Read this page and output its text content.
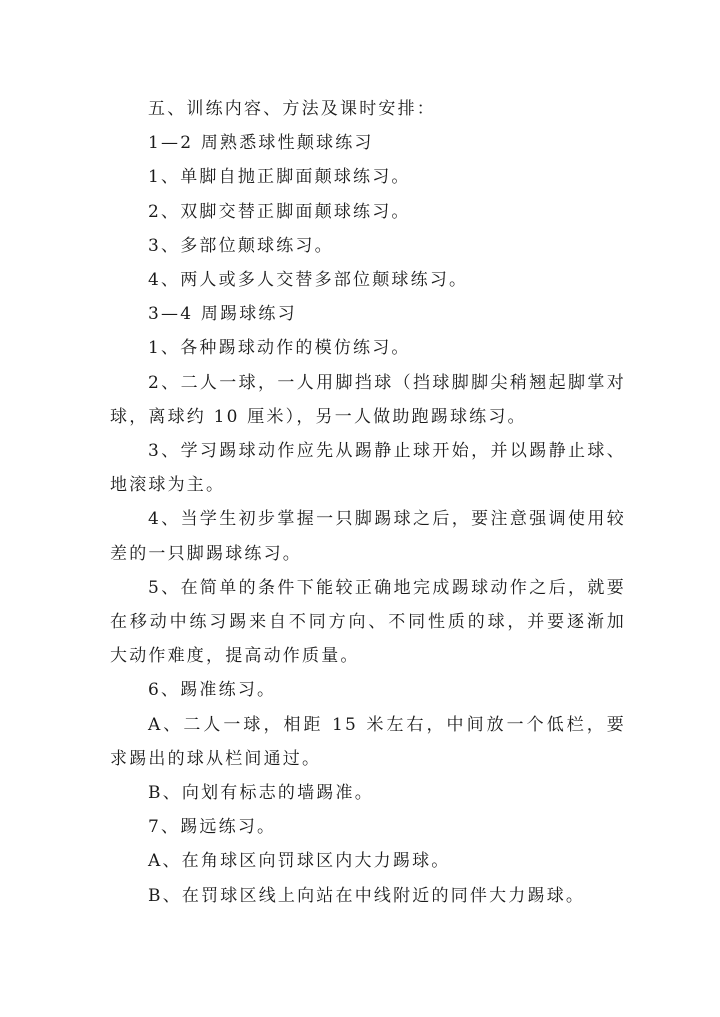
五、训练内容、方法及课时安排：

1—2 周熟悉球性颠球练习

1、单脚自抛正脚面颠球练习。

2、双脚交替正脚面颠球练习。

3、多部位颠球练习。

4、两人或多人交替多部位颠球练习。

3—4 周踢球练习

1、各种踢球动作的模仿练习。

2、二人一球，一人用脚挡球（挡球脚脚尖稍翘起脚掌对球，离球约 10 厘米），另一人做助跑踢球练习。

3、学习踢球动作应先从踢静止球开始，并以踢静止球、地滚球为主。

4、当学生初步掌握一只脚踢球之后，要注意强调使用较差的一只脚踢球练习。

5、在简单的条件下能较正确地完成踢球动作之后，就要在移动中练习踢来自不同方向、不同性质的球，并要逐渐加大动作难度，提高动作质量。

6、踢准练习。

A、二人一球，相距 15 米左右，中间放一个低栏，要求踢出的球从栏间通过。

B、向划有标志的墙踢准。

7、踢远练习。

A、在角球区向罚球区内大力踢球。

B、在罚球区线上向站在中线附近的同伴大力踢球。
